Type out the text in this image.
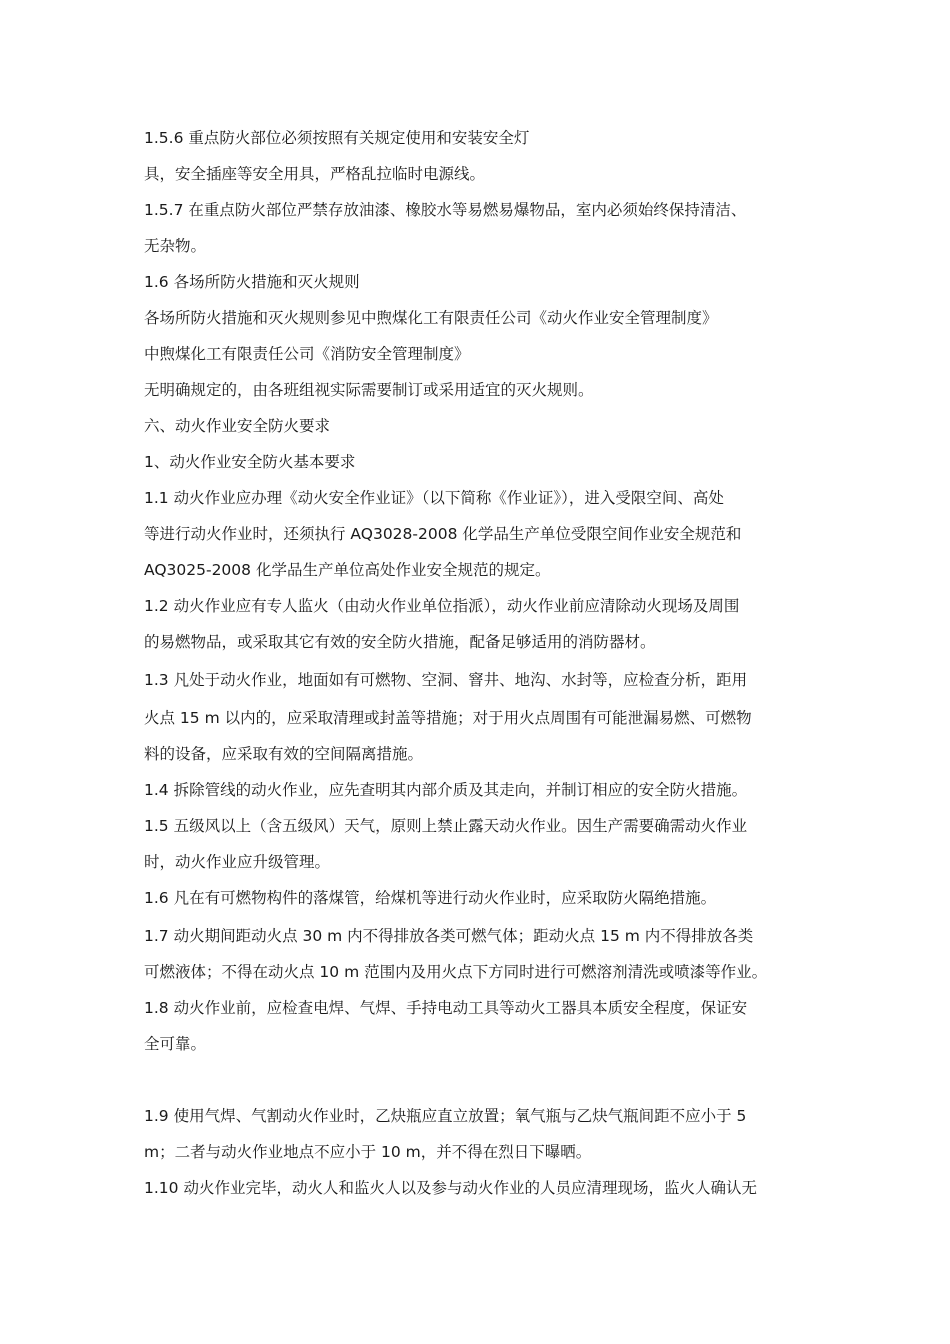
1.5.6 重点防火部位必须按照有关规定使用和安装安全灯
具，安全插座等安全用具，严格乱拉临时电源线。
1.5.7 在重点防火部位严禁存放油漆、橡胶水等易燃易爆物品，室内必须始终保持清洁、
无杂物。
1.6 各场所防火措施和灭火规则
各场所防火措施和灭火规则参见中煦煤化工有限责任公司《动火作业安全管理制度》
中煦煤化工有限责任公司《消防安全管理制度》
无明确规定的，由各班组视实际需要制订或采用适宜的灭火规则。
六、动火作业安全防火要求
1、动火作业安全防火基本要求
1.1 动火作业应办理《动火安全作业证》（以下简称《作业证》），进入受限空间、高处
等进行动火作业时，还须执行 AQ3028-2008 化学品生产单位受限空间作业安全规范和
AQ3025-2008 化学品生产单位高处作业安全规范的规定。
1.2 动火作业应有专人监火（由动火作业单位指派），动火作业前应清除动火现场及周围
的易燃物品，或采取其它有效的安全防火措施，配备足够适用的消防器材。
1.3 凡处于动火作业，地面如有可燃物、空洞、窨井、地沟、水封等，应检查分析，距用
火点 15 m 以内的，应采取清理或封盖等措施；对于用火点周围有可能泄漏易燃、可燃物
料的设备，应采取有效的空间隔离措施。
1.4 拆除管线的动火作业，应先查明其内部介质及其走向，并制订相应的安全防火措施。
1.5 五级风以上（含五级风）天气，原则上禁止露天动火作业。因生产需要确需动火作业
时，动火作业应升级管理。
1.6 凡在有可燃物构件的落煤管，给煤机等进行动火作业时，应采取防火隔绝措施。
1.7 动火期间距动火点 30 m 内不得排放各类可燃气体；距动火点 15 m 内不得排放各类
可燃液体；不得在动火点 10 m 范围内及用火点下方同时进行可燃溶剂清洗或喷漆等作业。
1.8 动火作业前，应检查电焊、气焊、手持电动工具等动火工器具本质安全程度，保证安
全可靠。
1.9 使用气焊、气割动火作业时，乙炔瓶应直立放置；氧气瓶与乙炔气瓶间距不应小于 5
m；二者与动火作业地点不应小于 10 m，并不得在烈日下曝晒。
1.10 动火作业完毕，动火人和监火人以及参与动火作业的人员应清理现场，监火人确认无
